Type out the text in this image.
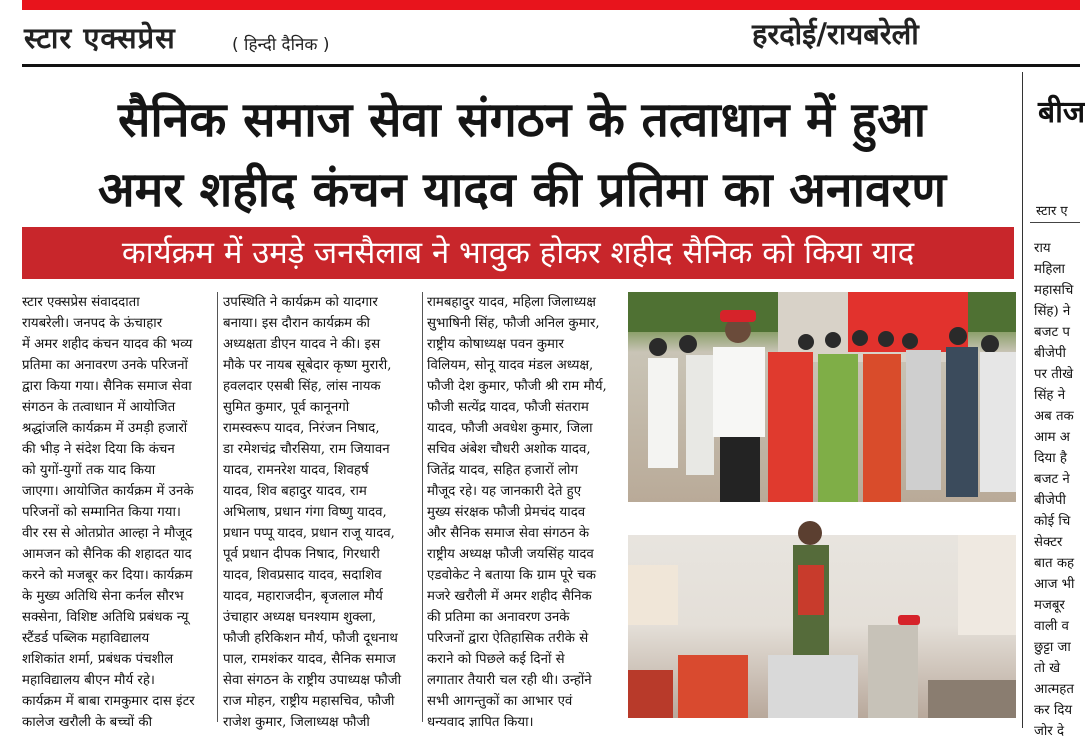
स्टार एक्सप्रेस	( हिन्दी दैनिक )	हरदोई/रायबरेली
सैनिक समाज सेवा संगठन के तत्वाधान में हुआ
अमर शहीद कंचन यादव की प्रतिमा का अनावरण
कार्यक्रम में उमड़े जनसैलाब ने भावुक होकर शहीद सैनिक को किया याद
स्टार एक्सप्रेस संवाददाता
रायबरेली। जनपद के ऊंचाहार
में अमर शहीद कंचन यादव की भव्य
प्रतिमा का अनावरण उनके परिजनों
द्वारा किया गया। सैनिक समाज सेवा
संगठन के तत्वाधान में आयोजित
श्रद्धांजलि कार्यक्रम में उमड़ी हजारों
की भीड़ ने संदेश दिया कि कंचन
को युगों-युगों तक याद किया
जाएगा। आयोजित कार्यक्रम में उनके
परिजनों को सम्मानित किया गया।
वीर रस से ओतप्रोत आल्हा ने मौजूद
आमजन को सैनिक की शहादत याद
करने को मजबूर कर दिया। कार्यक्रम
के मुख्य अतिथि सेना कर्नल सौरभ
सक्सेना, विशिष्ट अतिथि प्रबंधक न्यू
स्टैंडर्ड पब्लिक महाविद्यालय
शशिकांत शर्मा, प्रबंधक पंचशील
महाविद्यालय बीएन मौर्य रहे।
कार्यक्रम में बाबा रामकुमार दास इंटर
कालेज खरौली के बच्चों की
उपस्थिति ने कार्यक्रम को यादगार
बनाया। इस दौरान कार्यक्रम की
अध्यक्षता डीएन यादव ने की। इस
मौके पर नायब सूबेदार कृष्ण मुरारी,
हवलदार एसबी सिंह, लांस नायक
सुमित कुमार, पूर्व कानूनगो
रामस्वरूप यादव, निरंजन निषाद,
डा रमेशचंद्र चौरसिया, राम जियावन
यादव, रामनरेश यादव, शिवहर्ष
यादव, शिव बहादुर यादव, राम
अभिलाष, प्रधान गंगा विष्णु यादव,
प्रधान पप्पू यादव, प्रधान राजू यादव,
पूर्व प्रधान दीपक निषाद, गिरधारी
यादव, शिवप्रसाद यादव, सदाशिव
यादव, महाराजदीन, बृजलाल मौर्य
उंचाहार अध्यक्ष घनश्याम शुक्ला,
फौजी हरिकिशन मौर्य, फौजी दूधनाथ
पाल, रामशंकर यादव, सैनिक समाज
सेवा संगठन के राष्ट्रीय उपाध्यक्ष फौजी
राज मोहन, राष्ट्रीय महासचिव, फौजी
राजेश कुमार, जिलाध्यक्ष फौजी
रामबहादुर यादव, महिला जिलाध्यक्ष
सुभाषिनी सिंह, फौजी अनिल कुमार,
राष्ट्रीय कोषाध्यक्ष पवन कुमार
विलियम, सोनू यादव मंडल अध्यक्ष,
फौजी देश कुमार, फौजी श्री राम मौर्य,
फौजी सत्येंद्र यादव, फौजी संतराम
यादव, फौजी अवधेश कुमार, जिला
सचिव अंबेश चौधरी अशोक यादव,
जितेंद्र यादव, सहित हजारों लोग
मौजूद रहे। यह जानकारी देते हुए
मुख्य संरक्षक फौजी प्रेमचंद यादव
और सैनिक समाज सेवा संगठन के
राष्ट्रीय अध्यक्ष फौजी जयसिंह यादव
एडवोकेट ने बताया कि ग्राम पूरे चक
मजरे खरौली में अमर शहीद सैनिक
की प्रतिमा का अनावरण उनके
परिजनों द्वारा ऐतिहासिक तरीके से
कराने को पिछले कई दिनों से
लगातार तैयारी चल रही थी। उन्होंने
सभी आगन्तुकों का आभार एवं
धन्यवाद ज्ञापित किया।
बीज
स्टार ए
राय
महिला
महासचि
सिंह) ने
बजट प
बीजेपी
पर तीखे
सिंह ने
अब तक
आम अ
दिया है
बजट ने
बीजेपी
कोई चि
सेक्टर
बात कह
आज भी
मजबूर
वाली व
छुट्टा जा
तो खे
आत्महत
कर दिय
जोर दे
